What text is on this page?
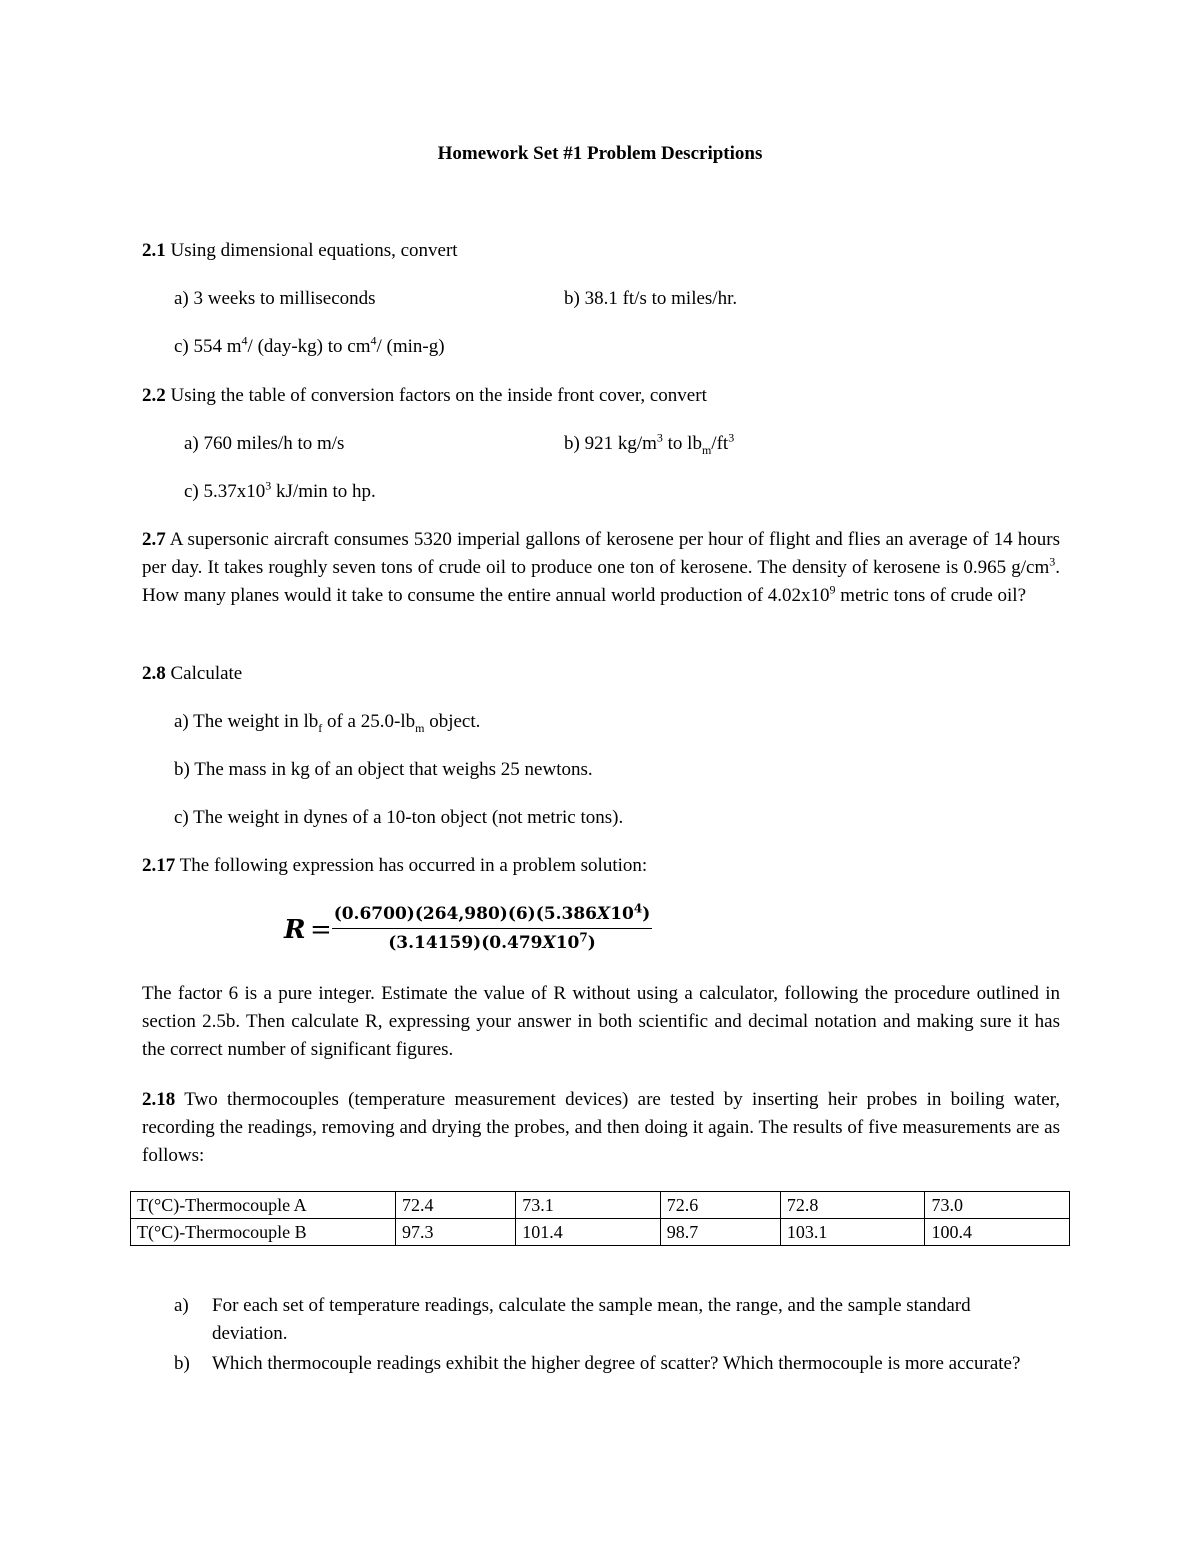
Homework Set #1 Problem Descriptions
2.1 Using dimensional equations, convert
a) 3 weeks to milliseconds	b) 38.1 ft/s to miles/hr.
c) 554 $m^4/$ (day-kg) to $cm^4/$ (min-g)
2.2 Using the table of conversion factors on the inside front cover, convert
a) 760 miles/h to m/s	b) 921 $kg/m^3$ to $lb_m/ft^3$
c) $5.37x10^3$ kJ/min to hp.
2.7 A supersonic aircraft consumes 5320 imperial gallons of kerosene per hour of flight and flies an average of 14 hours per day. It takes roughly seven tons of crude oil to produce one ton of kerosene. The density of kerosene is 0.965 $g/cm^3$. How many planes would it take to consume the entire annual world production of $4.02x10^9$ metric tons of crude oil?
2.8 Calculate
a) The weight in $lb_f$ of a $25.0-lb_m$ object.
b) The mass in kg of an object that weighs 25 newtons.
c) The weight in dynes of a 10-ton object (not metric tons).
2.17 The following expression has occurred in a problem solution:
$R = \frac{(0.6700)(264,980)(6)(5.386X10^4)}{(3.14159)(0.479X10^7)}$
The factor 6 is a pure integer. Estimate the value of R without using a calculator, following the procedure outlined in section 2.5b. Then calculate R, expressing your answer in both scientific and decimal notation and making sure it has the correct number of significant figures.
2.18 Two thermocouples (temperature measurement devices) are tested by inserting heir probes in boiling water, recording the readings, removing and drying the probes, and then doing it again. The results of five measurements are as follows:
T(°C)-Thermocouple A	72.4	73.1	72.6	72.8	73.0
T(°C)-Thermocouple B	97.3	101.4	98.7	103.1	100.4
a) For each set of temperature readings, calculate the sample mean, the range, and the sample standard deviation.
b) Which thermocouple readings exhibit the higher degree of scatter? Which thermocouple is more accurate?
